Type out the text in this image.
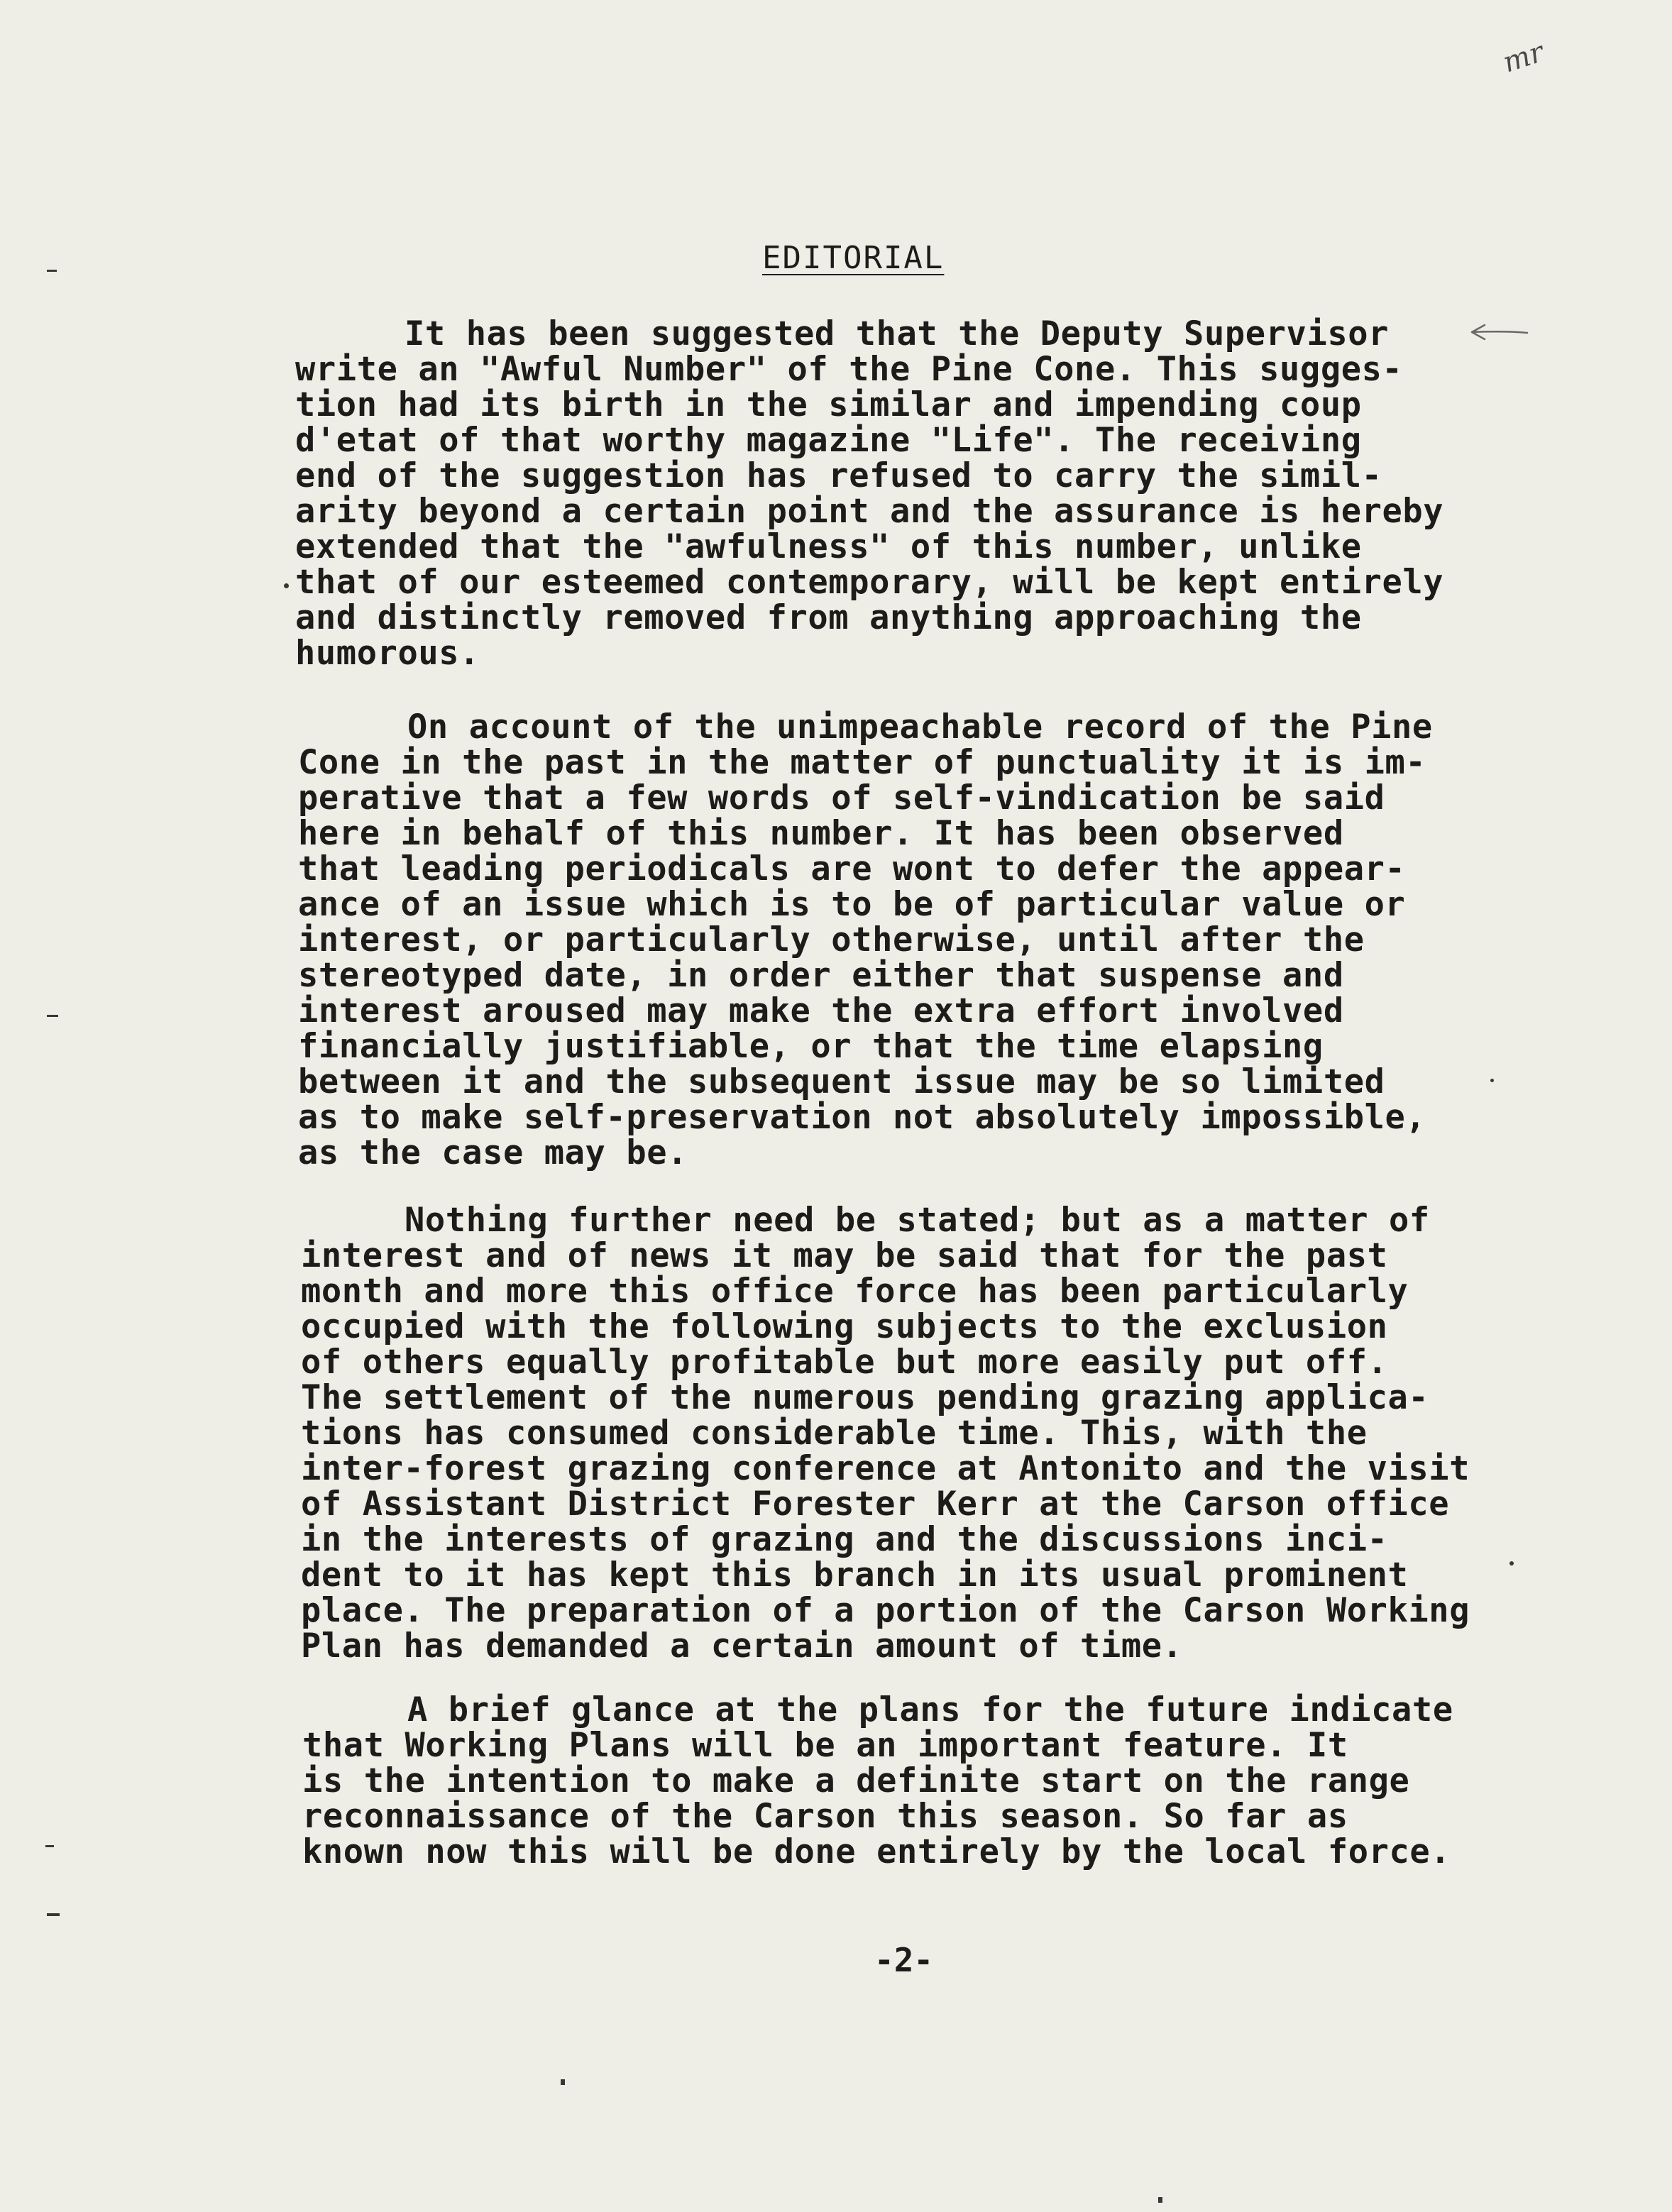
mr
EDITORIAL
It has been suggested that the Deputy Supervisor
write an "Awful Number" of the Pine Cone. This sugges-
tion had its birth in the similar and impending coup
d'etat of that worthy magazine "Life". The receiving
end of the suggestion has refused to carry the simil-
arity beyond a certain point and the assurance is hereby
extended that the "awfulness" of this number, unlike
that of our esteemed contemporary, will be kept entirely
and distinctly removed from anything approaching the
humorous.
On account of the unimpeachable record of the Pine
Cone in the past in the matter of punctuality it is im-
perative that a few words of self-vindication be said
here in behalf of this number. It has been observed
that leading periodicals are wont to defer the appear-
ance of an issue which is to be of particular value or
interest, or particularly otherwise, until after the
stereotyped date, in order either that suspense and
interest aroused may make the extra effort involved
financially justifiable, or that the time elapsing
between it and the subsequent issue may be so limited
as to make self-preservation not absolutely impossible,
as the case may be.
Nothing further need be stated; but as a matter of
interest and of news it may be said that for the past
month and more this office force has been particularly
occupied with the following subjects to the exclusion
of others equally profitable but more easily put off.
The settlement of the numerous pending grazing applica-
tions has consumed considerable time. This, with the
inter-forest grazing conference at Antonito and the visit
of Assistant District Forester Kerr at the Carson office
in the interests of grazing and the discussions inci-
dent to it has kept this branch in its usual prominent
place. The preparation of a portion of the Carson Working
Plan has demanded a certain amount of time.
A brief glance at the plans for the future indicate
that Working Plans will be an important feature. It
is the intention to make a definite start on the range
reconnaissance of the Carson this season. So far as
known now this will be done entirely by the local force.
-2-
